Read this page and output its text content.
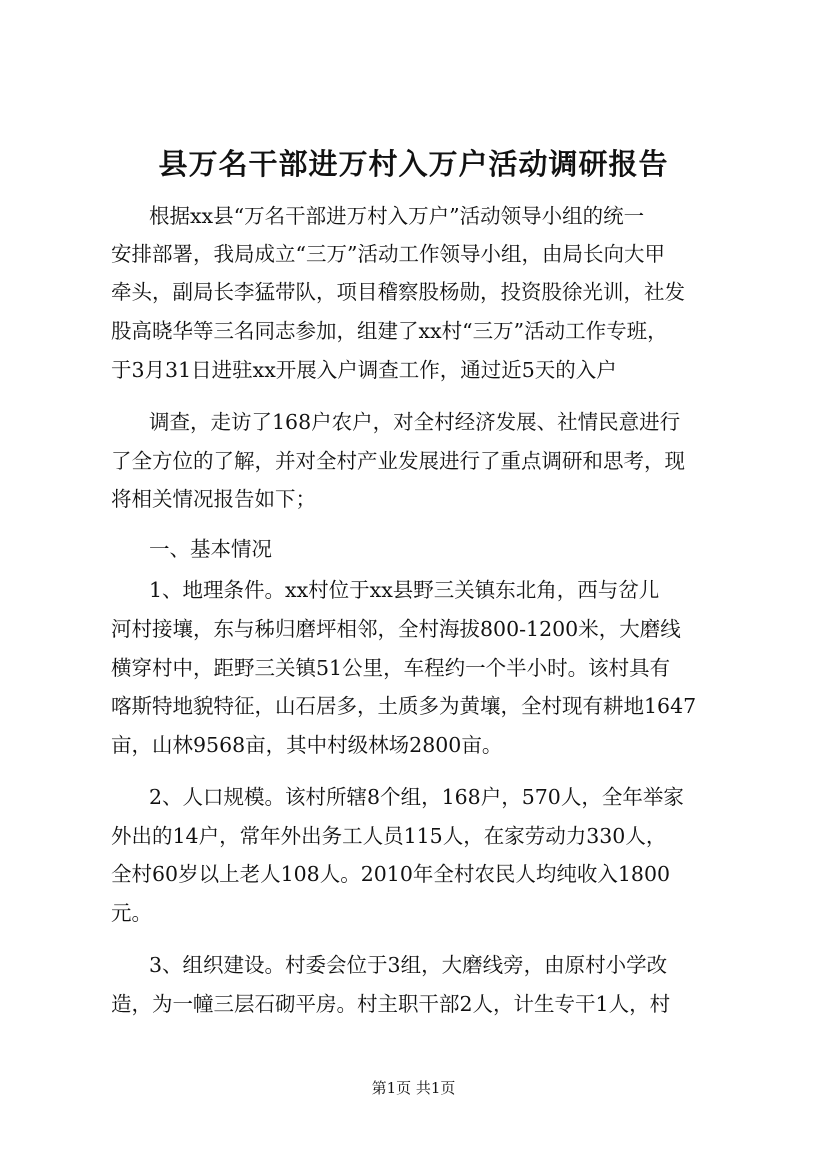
县万名干部进万村入万户活动调研报告
根据xx县“万名干部进万村入万户”活动领导小组的统一
安排部署，我局成立“三万”活动工作领导小组，由局长向大甲
牵头，副局长李猛带队，项目稽察股杨勋，投资股徐光训，社发
股高晓华等三名同志参加，组建了xx村“三万”活动工作专班，
于3月31日进驻xx开展入户调查工作，通过近5天的入户
调查，走访了168户农户，对全村经济发展、社情民意进行
了全方位的了解，并对全村产业发展进行了重点调研和思考，现
将相关情况报告如下；
一、基本情况
1、地理条件。xx村位于xx县野三关镇东北角，西与岔儿
河村接壤，东与秭归磨坪相邻，全村海拔800-1200米，大磨线
横穿村中，距野三关镇51公里，车程约一个半小时。该村具有
喀斯特地貌特征，山石居多，土质多为黄壤，全村现有耕地1647
亩，山林9568亩，其中村级林场2800亩。
2、人口规模。该村所辖8个组，168户，570人，全年举家
外出的14户，常年外出务工人员115人，在家劳动力330人，
全村60岁以上老人108人。2010年全村农民人均纯收入1800
元。
3、组织建设。村委会位于3组，大磨线旁，由原村小学改
造，为一幢三层石砌平房。村主职干部2人，计生专干1人，村
第1页 共1页
